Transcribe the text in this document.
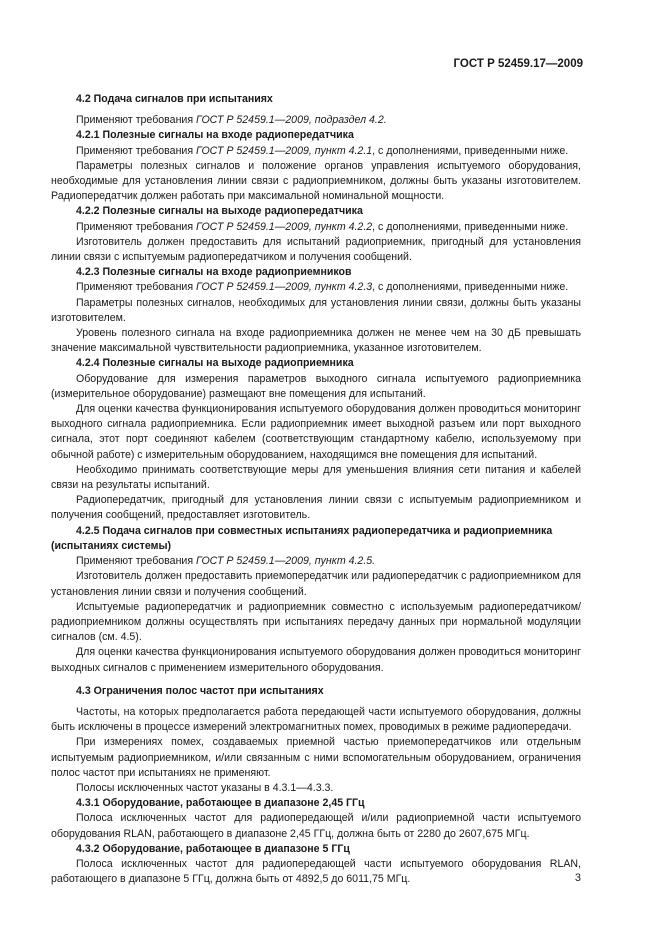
ГОСТ Р 52459.17—2009

4.2 Подача сигналов при испытаниях

Применяют требования ГОСТ Р 52459.1—2009, подраздел 4.2.

4.2.1 Полезные сигналы на входе радиопередатчика

Применяют требования ГОСТ Р 52459.1—2009, пункт 4.2.1, с дополнениями, приведенными ниже.

Параметры полезных сигналов и положение органов управления испытуемого оборудования, необходимые для установления линии связи с радиоприемником, должны быть указаны изготовителем. Радиопередатчик должен работать при максимальной номинальной мощности.

4.2.2 Полезные сигналы на выходе радиопередатчика

Применяют требования ГОСТ Р 52459.1—2009, пункт 4.2.2, с дополнениями, приведенными ниже.

Изготовитель должен предоставить для испытаний радиоприемник, пригодный для установления линии связи с испытуемым радиопередатчиком и получения сообщений.

4.2.3 Полезные сигналы на входе радиоприемников

Применяют требования ГОСТ Р 52459.1—2009, пункт 4.2.3, с дополнениями, приведенными ниже.

Параметры полезных сигналов, необходимых для установления линии связи, должны быть указаны изготовителем.

Уровень полезного сигнала на входе радиоприемника должен не менее чем на 30 дБ превышать значение максимальной чувствительности радиоприемника, указанное изготовителем.

4.2.4 Полезные сигналы на выходе радиоприемника

Оборудование для измерения параметров выходного сигнала испытуемого радиоприемника (измерительное оборудование) размещают вне помещения для испытаний.

Для оценки качества функционирования испытуемого оборудования должен проводиться мониторинг выходного сигнала радиоприемника. Если радиоприемник имеет выходной разъем или порт выходного сигнала, этот порт соединяют кабелем (соответствующим стандартному кабелю, используемому при обычной работе) с измерительным оборудованием, находящимся вне помещения для испытаний.

Необходимо принимать соответствующие меры для уменьшения влияния сети питания и кабелей связи на результаты испытаний.

Радиопередатчик, пригодный для установления линии связи с испытуемым радиоприемником и получения сообщений, предоставляет изготовитель.

4.2.5 Подача сигналов при совместных испытаниях радиопередатчика и радиоприемника (испытаниях системы)

Применяют требования ГОСТ Р 52459.1—2009, пункт 4.2.5.

Изготовитель должен предоставить приемопередатчик или радиопередатчик с радиоприемником для установления линии связи и получения сообщений.

Испытуемые радиопередатчик и радиоприемник совместно с используемым радиопередатчиком/радиоприемником должны осуществлять при испытаниях передачу данных при нормальной модуляции сигналов (см. 4.5).

Для оценки качества функционирования испытуемого оборудования должен проводиться мониторинг выходных сигналов с применением измерительного оборудования.

4.3 Ограничения полос частот при испытаниях

Частоты, на которых предполагается работа передающей части испытуемого оборудования, должны быть исключены в процессе измерений электромагнитных помех, проводимых в режиме радиопередачи.

При измерениях помех, создаваемых приемной частью приемопередатчиков или отдельным испытуемым радиоприемником, и/или связанным с ними вспомогательным оборудованием, ограничения полос частот при испытаниях не применяют.

Полосы исключенных частот указаны в 4.3.1—4.3.3.

4.3.1 Оборудование, работающее в диапазоне 2,45 ГГц

Полоса исключенных частот для радиопередающей и/или радиоприемной части испытуемого оборудования RLAN, работающего в диапазоне 2,45 ГГц, должна быть от 2280 до 2607,675 МГц.

4.3.2 Оборудование, работающее в диапазоне 5 ГГц

Полоса исключенных частот для радиопередающей части испытуемого оборудования RLAN, работающего в диапазоне 5 ГГц, должна быть от 4892,5 до 6011,75 МГц.	3
